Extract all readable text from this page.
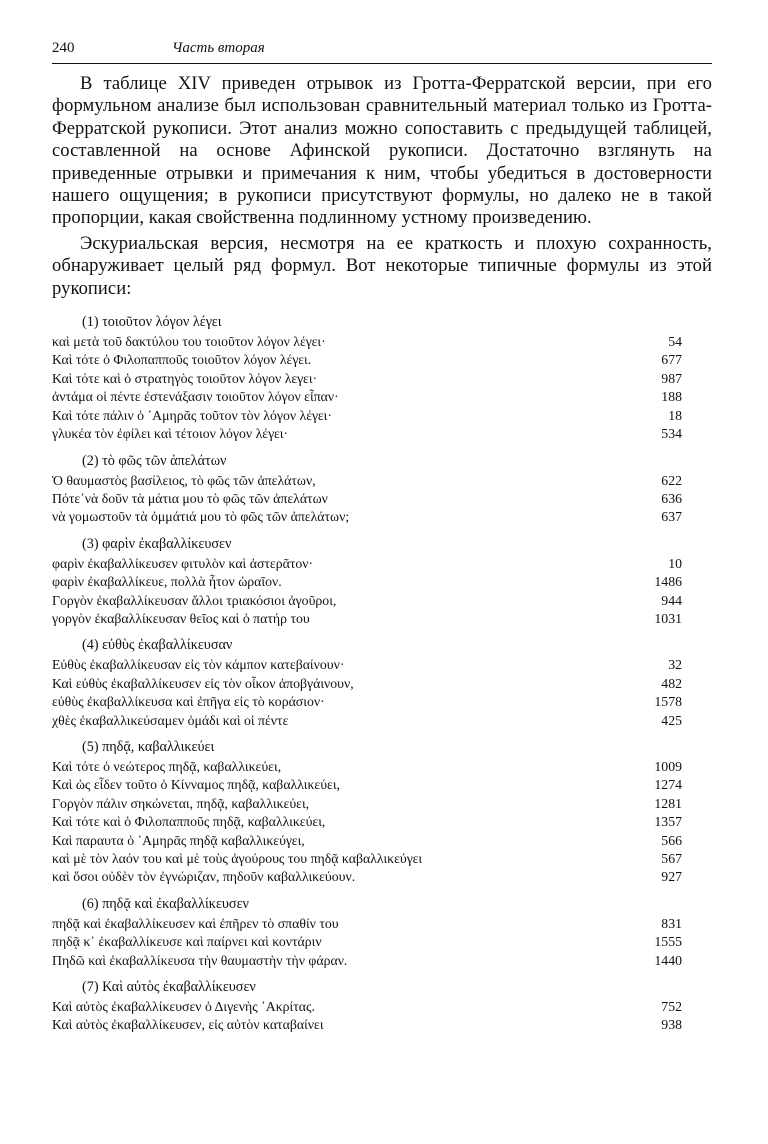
240	Часть вторая

В таблице XIV приведен отрывок из Гротта-Ферратской версии, при его формульном анализе был использован сравнительный материал только из Гротта-Ферратской рукописи. Этот анализ можно сопоставить с предыдущей таблицей, составленной на основе Афинской рукописи. Достаточно взглянуть на приведенные отрывки и примечания к ним, чтобы убедиться в достоверности нашего ощущения; в рукописи присутствуют формулы, но далеко не в такой пропорции, какая свойственна подлинному устному произведению.

Эскуриальская версия, несмотря на ее краткость и плохую сохранность, обнаруживает целый ряд формул. Вот некоторые типичные формулы из этой рукописи:

(1) τοιοῦτον λόγον λέγει
καὶ μετὰ τοῦ δακτύλου του τοιοῦτον λόγον λέγει·	54
Καὶ τότε ὁ Φιλοπαπποῦς τοιοῦτον λόγον λέγει.	677
Καὶ τότε καὶ ὁ στρατηγὸς τοιοῦτον λόγον λεγει·	987
ἀντάμα οἱ πέντε ἐστενάξασιν τοιοῦτον λόγον εἶπαν·	188
Καὶ τότε πάλιν ὁ ᾿Αμηρᾶς τοῦτον τὸν λόγον λέγει·	18
γλυκέα τὸν ἐφίλει καὶ τέτοιον λόγον λέγει·	534
(2) τὸ φῶς τῶν ἀπελάτων
Ὁ θαυμαστὸς βασίλειος, τὸ φῶς τῶν ἀπελάτων,	622
Πότε᾽νὰ δοῦν τὰ μάτια μου τὸ φῶς τῶν ἀπελάτων	636
νὰ γομωστοῦν τὰ ὀμμάτιά μου τὸ φῶς τῶν ἀπελάτων;	637
(3) φαρὶν ἐκαβαλλίκευσεν
φαρὶν ἐκαβαλλίκευσεν φιτυλὸν καὶ ἀστερᾶτον·	10
φαρὶν ἐκαβαλλίκευε, πολλὰ ἦτον ὡραῖον.	1486
Γοργὸν ἐκαβαλλίκευσαν ἄλλοι τριακόσιοι ἀγοῦροι,	944
γοργὸν ἐκαβαλλίκευσαν θεῖος καὶ ὁ πατήρ του	1031
(4) εὐθὺς ἐκαβαλλίκευσαν
Εὐθὺς ἐκαβαλλίκευσαν εἰς τὸν κάμπον κατεβαίνουν·	32
Καὶ εὐθὺς ἐκαβαλλίκευσεν εἰς τὸν οἶκον ἀποβγάινουν,	482
εὐθὺς ἐκαβαλλίκευσα καὶ ἐπῆγα εἰς τὸ κοράσιον·	1578
χθὲς ἐκαβαλλικεύσαμεν ὁμάδι καὶ οἱ πέντε	425
(5) πηδᾷ, καβαλλικεύει
Καὶ τότε ὁ νεώτερος πηδᾷ, καβαλλικεύει,	1009
Καὶ ὡς εἶδεν τοῦτο ὁ Κίνναμος πηδᾷ, καβαλλικεύει,	1274
Γοργὸν πάλιν σηκώνεται, πηδᾷ, καβαλλικεύει,	1281
Καὶ τότε καὶ ὁ Φιλοπαπποῦς πηδᾷ, καβαλλικεύει,	1357
Καὶ παραυτα ὁ ᾿Αμηρᾶς πηδᾷ καβαλλικεύγει,	566
καὶ μὲ τὸν λαόν του καὶ μὲ τοὺς ἀγούρους του πηδᾷ καβαλλικεύγει	567
καὶ ὅσοι οὐδὲν τὸν ἐγνώριζαν, πηδοῦν καβαλλικεύουν.	927
(6) πηδᾷ καὶ ἐκαβαλλίκευσεν
πηδᾷ καὶ ἐκαβαλλίκευσεν καὶ ἐπῆρεν τὸ σπαθίν του	831
πηδᾷ κ᾽ ἐκαβαλλίκευσε καὶ παίρνει καὶ κοντάριν	1555
Πηδῶ καὶ ἐκαβαλλίκευσα τὴν θαυμαστὴν τὴν φάραν.	1440
(7) Καὶ αὐτὸς ἐκαβαλλίκευσεν
Καὶ αὐτὸς ἐκαβαλλίκευσεν ὁ Διγενὴς ᾿Ακρίτας.	752
Καὶ αὐτὸς ἐκαβαλλίκευσεν, εἰς αὐτὸν καταβαίνει	938
